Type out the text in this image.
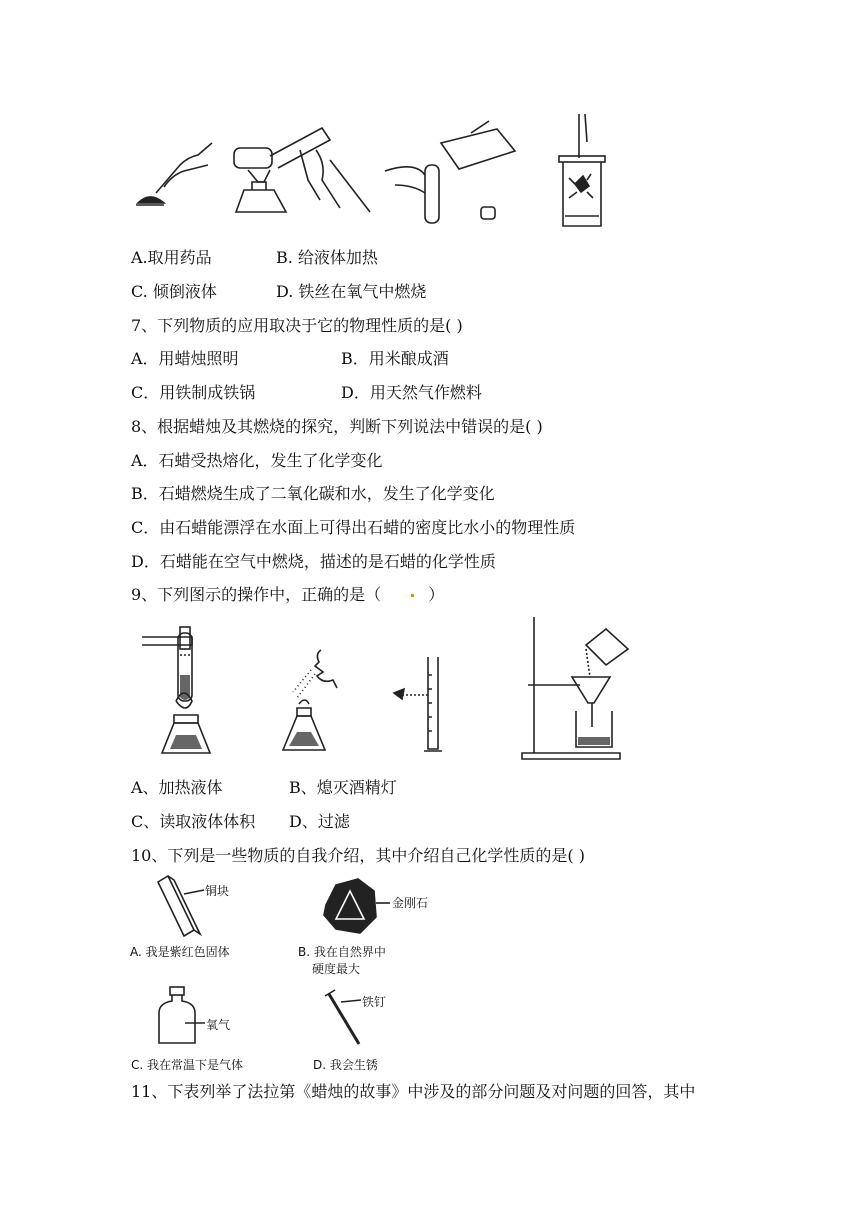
A.取用药品	B. 给液体加热
C. 倾倒液体	D. 铁丝在氧气中燃烧
7、下列物质的应用取决于它的物理性质的是( )
A．用蜡烛照明	B．用米酿成酒
C．用铁制成铁锅	D．用天然气作燃料
8、根据蜡烛及其燃烧的探究，判断下列说法中错误的是( )
A．石蜡受热熔化，发生了化学变化
B．石蜡燃烧生成了二氧化碳和水，发生了化学变化
C．由石蜡能漂浮在水面上可得出石蜡的密度比水小的物理性质
D．石蜡能在空气中燃烧，描述的是石蜡的化学性质
9、下列图示的操作中，正确的是（	）
A、加热液体	B、熄灭酒精灯
C、读取液体体积 D、过滤
10、下列是一些物质的自我介绍，其中介绍自己化学性质的是( )
铜块
金刚石
A. 我是紫红色固体	B. 我在自然界中
硬度最大
氧气
铁钉
C. 我在常温下是气体	D. 我会生锈
11、下表列举了法拉第《蜡烛的故事》中涉及的部分问题及对问题的回答，其中
